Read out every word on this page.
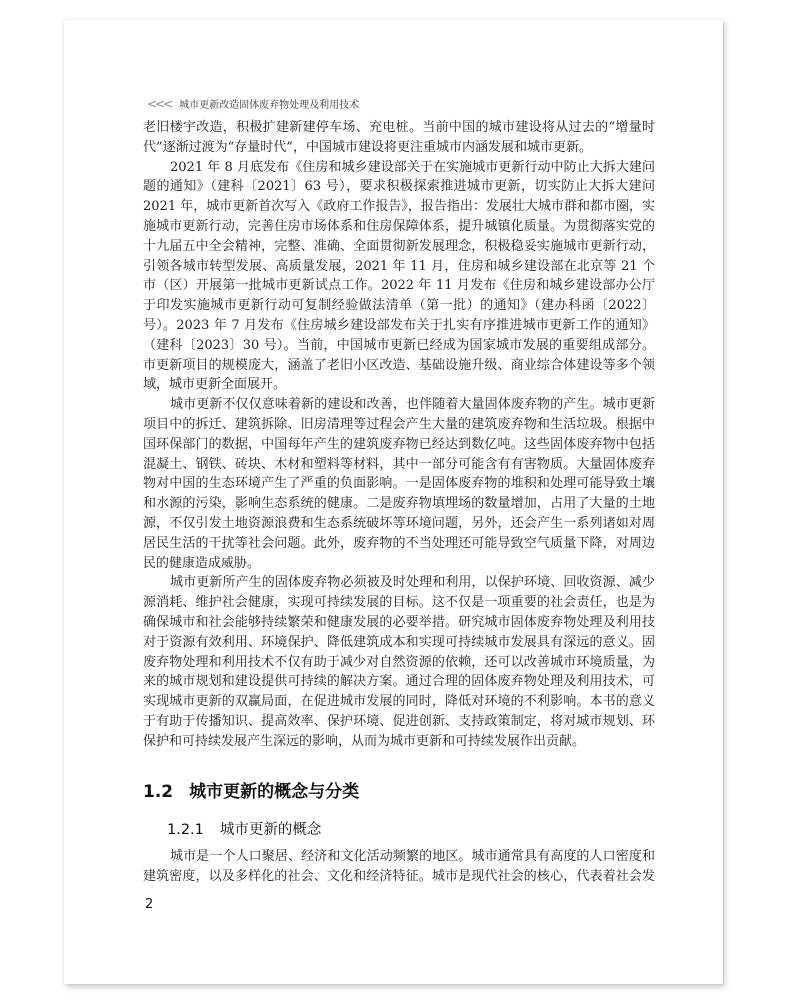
<<< 城市更新改造固体废弃物处理及利用技术
老旧楼宇改造，积极扩建新建停车场、充电桩。当前中国的城市建设将从过去的“增量时
代”逐渐过渡为“存量时代”，中国城市建设将更注重城市内涵发展和城市更新。
2021 年 8 月底发布《住房和城乡建设部关于在实施城市更新行动中防止大拆大建问
题的通知》（建科〔2021〕63 号），要求积极探索推进城市更新，切实防止大拆大建问
2021 年，城市更新首次写入《政府工作报告》，报告指出：发展壮大城市群和都市圈，实
施城市更新行动，完善住房市场体系和住房保障体系，提升城镇化质量。为贯彻落实党的
十九届五中全会精神，完整、准确、全面贯彻新发展理念，积极稳妥实施城市更新行动，
引领各城市转型发展、高质量发展，2021 年 11 月，住房和城乡建设部在北京等 21 个
市（区）开展第一批城市更新试点工作。2022 年 11 月发布《住房和城乡建设部办公厅
于印发实施城市更新行动可复制经验做法清单（第一批）的通知》（建办科函〔2022〕
号）。2023 年 7 月发布《住房城乡建设部发布关于扎实有序推进城市更新工作的通知》
（建科〔2023〕30 号）。当前，中国城市更新已经成为国家城市发展的重要组成部分。
市更新项目的规模庞大，涵盖了老旧小区改造、基础设施升级、商业综合体建设等多个领
域，城市更新全面展开。
城市更新不仅仅意味着新的建设和改善，也伴随着大量固体废弃物的产生。城市更新
项目中的拆迁、建筑拆除、旧房清理等过程会产生大量的建筑废弃物和生活垃圾。根据中
国环保部门的数据，中国每年产生的建筑废弃物已经达到数亿吨。这些固体废弃物中包括
混凝土、钢铁、砖块、木材和塑料等材料，其中一部分可能含有有害物质。大量固体废弃
物对中国的生态环境产生了严重的负面影响。一是固体废弃物的堆积和处理可能导致土壤
和水源的污染，影响生态系统的健康。二是废弃物填埋场的数量增加，占用了大量的土地
源，不仅引发土地资源浪费和生态系统破坏等环境问题，另外，还会产生一系列诸如对周
居民生活的干扰等社会问题。此外，废弃物的不当处理还可能导致空气质量下降，对周边
民的健康造成威胁。
城市更新所产生的固体废弃物必须被及时处理和利用，以保护环境、回收资源、减少
源消耗、维护社会健康，实现可持续发展的目标。这不仅是一项重要的社会责任，也是为
确保城市和社会能够持续繁荣和健康发展的必要举措。研究城市固体废弃物处理及利用技
对于资源有效利用、环境保护、降低建筑成本和实现可持续城市发展具有深远的意义。固
废弃物处理和利用技术不仅有助于减少对自然资源的依赖，还可以改善城市环境质量，为
来的城市规划和建设提供可持续的解决方案。通过合理的固体废弃物处理及利用技术，可
实现城市更新的双赢局面，在促进城市发展的同时，降低对环境的不利影响。本书的意义
于有助于传播知识、提高效率、保护环境、促进创新、支持政策制定，将对城市规划、环
保护和可持续发展产生深远的影响，从而为城市更新和可持续发展作出贡献。
1.2 城市更新的概念与分类
1.2.1 城市更新的概念
城市是一个人口聚居、经济和文化活动频繁的地区。城市通常具有高度的人口密度和
建筑密度，以及多样化的社会、文化和经济特征。城市是现代社会的核心，代表着社会发
2
